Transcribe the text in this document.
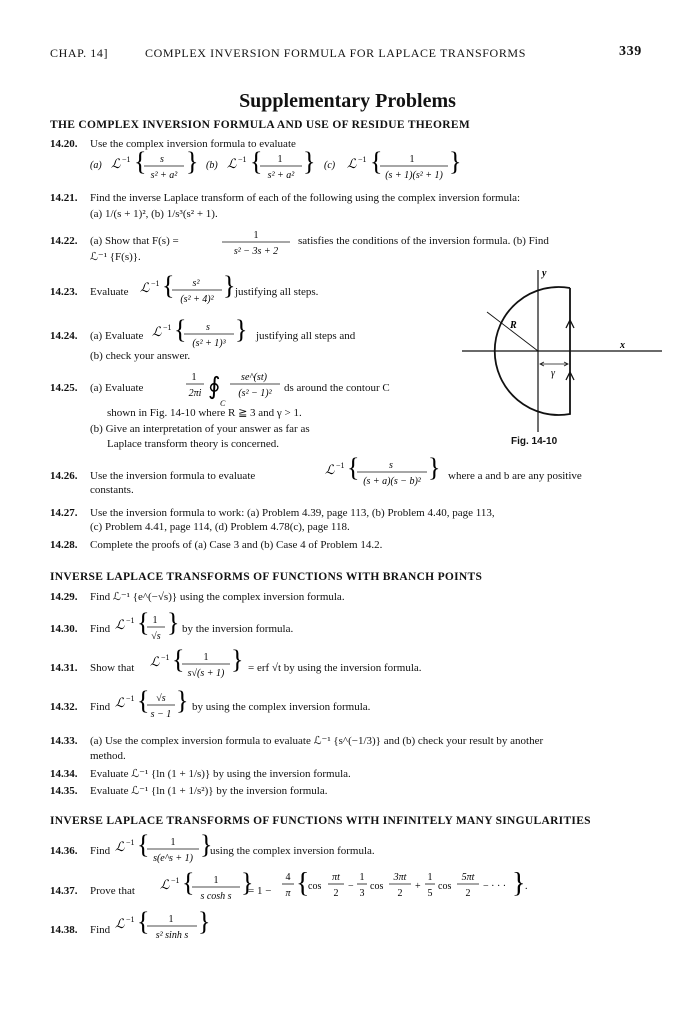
CHAP. 14]	COMPLEX INVERSION FORMULA FOR LAPLACE TRANSFORMS	339
Supplementary Problems
THE COMPLEX INVERSION FORMULA AND USE OF RESIDUE THEOREM
14.20. Use the complex inversion formula to evaluate
(a) ℒ −1 { s
s² + a² } (b) ℒ −1 { 1
s² + a² } (c) ℒ −1 {	1
(s + 1)(s² + 1) }
14.21. Find the inverse Laplace transform of each of the following using the complex inversion formula:
(a) 1/(s + 1)², (b) 1/s³(s² + 1).
14.22. (a) Show that F(s) =	1
s² − 3s + 2
satisfies the conditions of the inversion formula. (b) Find
ℒ⁻¹ {F(s)}.
14.23. Evaluate ℒ −1 { s²
(s² + 4)² } justifying all steps.
14.24. (a) Evaluate ℒ −1 { s
(s² + 1)³ } justifying all steps and
(b) check your answer.
14.25. (a) Evaluate
1
2πi ∮
C
se^(st)
(s² − 1)² ds around the contour C
shown in Fig. 14-10 where R ≧ 3 and γ > 1.
(b) Give an interpretation of your answer as far as
Laplace transform theory is concerned.
y
x
R
γ
Fig. 14-10
14.26. Use the inversion formula to evaluate	ℒ −1 {	s
(s + a)(s − b)² } where a and b are any positive
constants.
14.27. Use the inversion formula to work: (a) Problem 4.39, page 113, (b) Problem 4.40, page 113,
(c) Problem 4.41, page 114, (d) Problem 4.78(c), page 118.
14.28. Complete the proofs of (a) Case 3 and (b) Case 4 of Problem 14.2.
INVERSE LAPLACE TRANSFORMS OF FUNCTIONS WITH BRANCH POINTS
14.29. Find ℒ⁻¹ {e^(−√s)} using the complex inversion formula.
14.30. Find ℒ −1 { 1
√s } by the inversion formula.
14.31. Show that ℒ −1 { 1
s√(s + 1) } = erf √t by using the inversion formula.
14.32. Find ℒ −1 { √s
s − 1 } by using the complex inversion formula.
14.33. (a) Use the complex inversion formula to evaluate ℒ⁻¹ {s^(−1/3)} and (b) check your result by another
method.
14.34. Evaluate ℒ⁻¹ {ln (1 + 1/s)} by using the inversion formula.
14.35. Evaluate ℒ⁻¹ {ln (1 + 1/s²)} by the inversion formula.
INVERSE LAPLACE TRANSFORMS OF FUNCTIONS WITH INFINITELY MANY SINGULARITIES
14.36. Find ℒ −1 { 1
s(e^s + 1) }
using the complex inversion formula.
14.37. Prove that ℒ −1 { 1
s cosh s }
= 1 −
4
π {
cos
πt
2
−
1
3
cos
3πt
2
+
1
5
cos
5πt
2
− · · · } .
14.38. Find ℒ −1 { 1
s² sinh s }
